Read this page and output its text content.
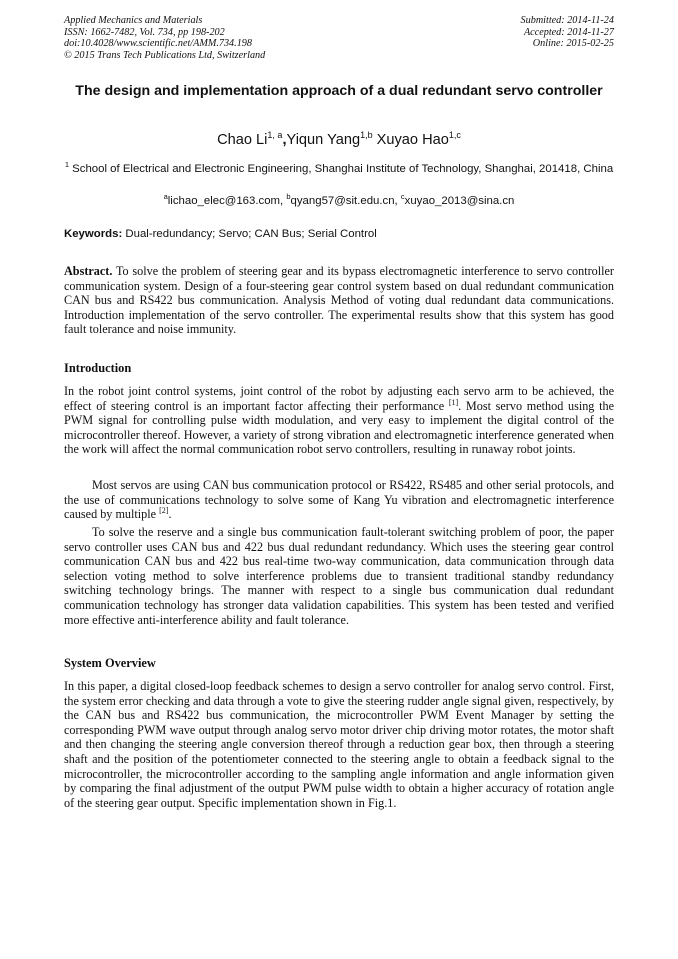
Applied Mechanics and Materials
ISSN: 1662-7482, Vol. 734, pp 198-202
doi:10.4028/www.scientific.net/AMM.734.198
© 2015 Trans Tech Publications Ltd, Switzerland
Submitted: 2014-11-24
Accepted: 2014-11-27
Online: 2015-02-25
The design and implementation approach of a dual redundant servo controller
Chao Li$^{1, a}$,Yiqun Yang$^{1,b}$ Xuyao Hao$^{1,c}$
$^1$ School of Electrical and Electronic Engineering, Shanghai Institute of Technology, Shanghai, 201418, China
$^a$lichao_elec@163.com, $^b$qyang57@sit.edu.cn, $^c$xuyao_2013@sina.cn
Keywords: Dual-redundancy; Servo; CAN Bus; Serial Control

Abstract. To solve the problem of steering gear and its bypass electromagnetic interference to servo controller communication system. Design of a four-steering gear control system based on dual redundant communication CAN bus and RS422 bus communication. Analysis Method of voting dual redundant data communications. Introduction implementation of the servo controller. The experimental results show that this system has good fault tolerance and noise immunity.

Introduction

In the robot joint control systems, joint control of the robot by adjusting each servo arm to be achieved, the effect of steering control is an important factor affecting their performance [1]. Most servo method using the PWM signal for controlling pulse width modulation, and very easy to implement the digital control of the microcontroller thereof. However, a variety of strong vibration and electromagnetic interference generated when the work will affect the normal communication robot servo controllers, resulting in runaway robot joints.

Most servos are using CAN bus communication protocol or RS422, RS485 and other serial protocols, and the use of communications technology to solve some of Kang Yu vibration and electromagnetic interference caused by multiple [2].

To solve the reserve and a single bus communication fault-tolerant switching problem of poor, the paper servo controller uses CAN bus and 422 bus dual redundant redundancy. Which uses the steering gear control communication CAN bus and 422 bus real-time two-way communication, data communication through data selection voting method to solve interference problems due to transient traditional standby redundancy switching technology brings. The manner with respect to a single bus communication dual redundant communication technology has stronger data validation capabilities. This system has been tested and verified more effective anti-interference ability and fault tolerance.

System Overview

In this paper, a digital closed-loop feedback schemes to design a servo controller for analog servo control. First, the system error checking and data through a vote to give the steering rudder angle signal given, respectively, by the CAN bus and RS422 bus communication, the microcontroller PWM Event Manager by setting the corresponding PWM wave output through analog servo motor driver chip driving motor rotates, the motor shaft and then changing the steering angle conversion thereof through a reduction gear box, then through a steering shaft and the position of the potentiometer connected to the steering angle to obtain a feedback signal to the microcontroller, the microcontroller according to the sampling angle information and angle information given by comparing the final adjustment of the output PWM pulse width to obtain a higher accuracy of rotation angle of the steering gear output. Specific implementation shown in Fig.1.
